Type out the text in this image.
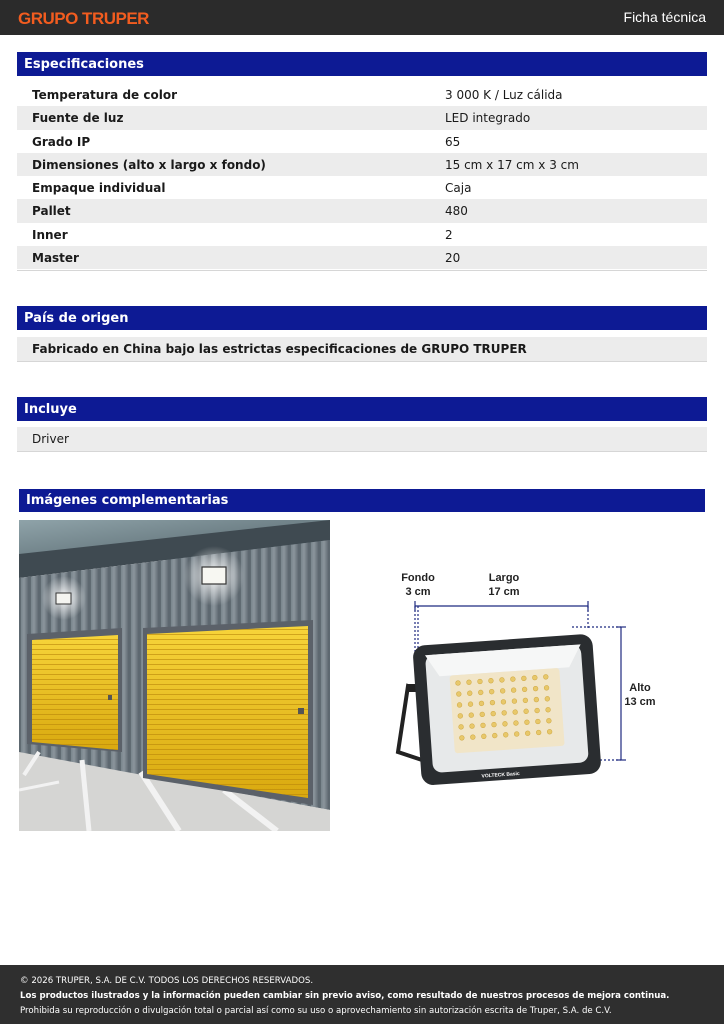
GRUPO TRUPER	Ficha técnica
Especificaciones
Temperatura de color	3 000 K / Luz cálida
Fuente de luz	LED integrado
Grado IP	65
Dimensiones (alto x largo x fondo)	15 cm x 17 cm x 3 cm
Empaque individual	Caja
Pallet	480
Inner	2
Master	20
País de origen
Fabricado en China bajo las estrictas especificaciones de GRUPO TRUPER
Incluye
Driver
Imágenes complementarias
Fondo
3 cm
Largo
17 cm
Alto
13 cm
VOLTECK Basic
© 2026 TRUPER, S.A. DE C.V. TODOS LOS DERECHOS RESERVADOS.
Los productos ilustrados y la información pueden cambiar sin previo aviso, como resultado de nuestros procesos de mejora continua.
Prohibida su reproducción o divulgación total o parcial así como su uso o aprovechamiento sin autorización escrita de Truper, S.A. de C.V.
